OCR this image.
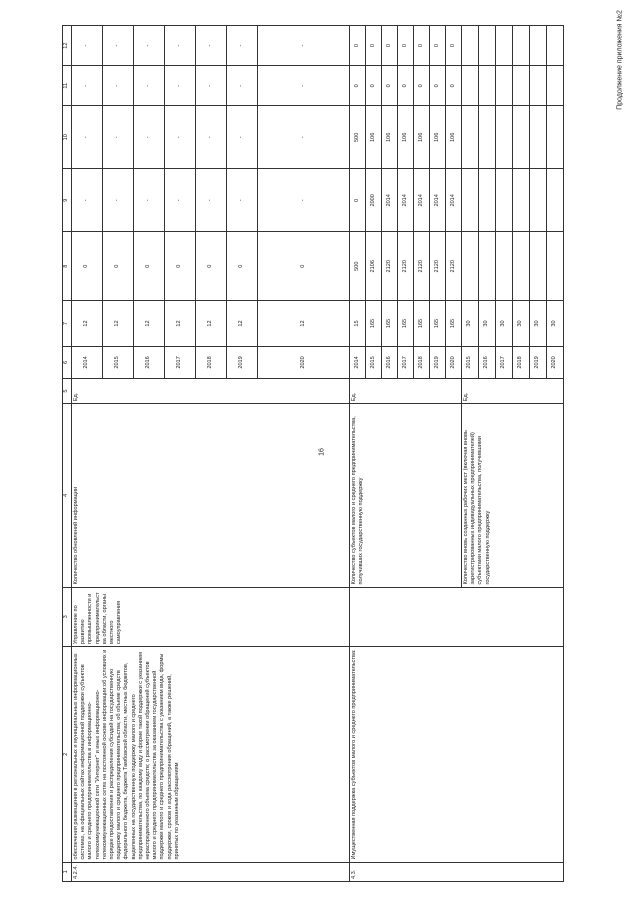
16
Продолжение приложения №2
1	2	3	4	5	6	7	8	9	10	11	12
4.2.4.	обеспечения размещения в региональных и муниципальных информационных системах, на официальных сайтах информационной поддержки субъектов малого и среднего предпринимательства в информационно-телекоммуникационной сети "Интернет" и иных информационно-телекоммуникационных сетях на постоянной основе информации:об условиях и порядке предоставления и распределения субсидий на государственную поддержку малого и среднего предпринимательства; об объеме средств федерального бюджета, бюджета Тамбовской области, местных бюджетов, выделенных на государственную поддержку малого и среднего предпринимательства, по каждому виду и форме такой поддержки с указанием нераспределенного объема средств; о рассмотрении обращений субъектов малого и среднего предпринимательства за оказанием государственной поддержки малого и среднего предпринимательства с указанием вида, формы поддержки, сроков и хода рассмотрения обращений, а также решений, принятых по указанным обращениям	Управление по развитию промышленности и предпринимательства области, органы местного самоуправления	Количество обновлений информации	Ед.	2014	12	0	-	-	-	-
					2015	12	0	-	-	-	-
					2016	12	0	-	-	-	-
					2017	12	0	-	-	-	-
					2018	12	0	-	-	-	-
					2019	12	0	-	-	-	-
					2020	12	0	-	-	-	-
4.3.	Имущественная поддержка субъектов малого и среднего предпринимательства:		Количество субъектов малого и среднего предпринимательства, получивших государственную поддержку	Ед.	2014	15	500	0	500	0	0
					2015	165	2106	2000	106	0	0
					2016	165	2120	2014	106	0	0
					2017	165	2120	2014	106	0	0
					2018	165	2120	2014	106	0	0
					2019	165	2120	2014	106	0	0
					2020	165	2120	2014	106	0	0
			Количество вновь созданных рабочих мест (включая вновь зарегистрированных индивидуальных предпринимателей) субъектами малого предпринимательства, получившими государственную поддержку	Ед.	2015	30					
					2016	30					
					2017	30					
					2018	30					
					2019	30					
					2020	30					
